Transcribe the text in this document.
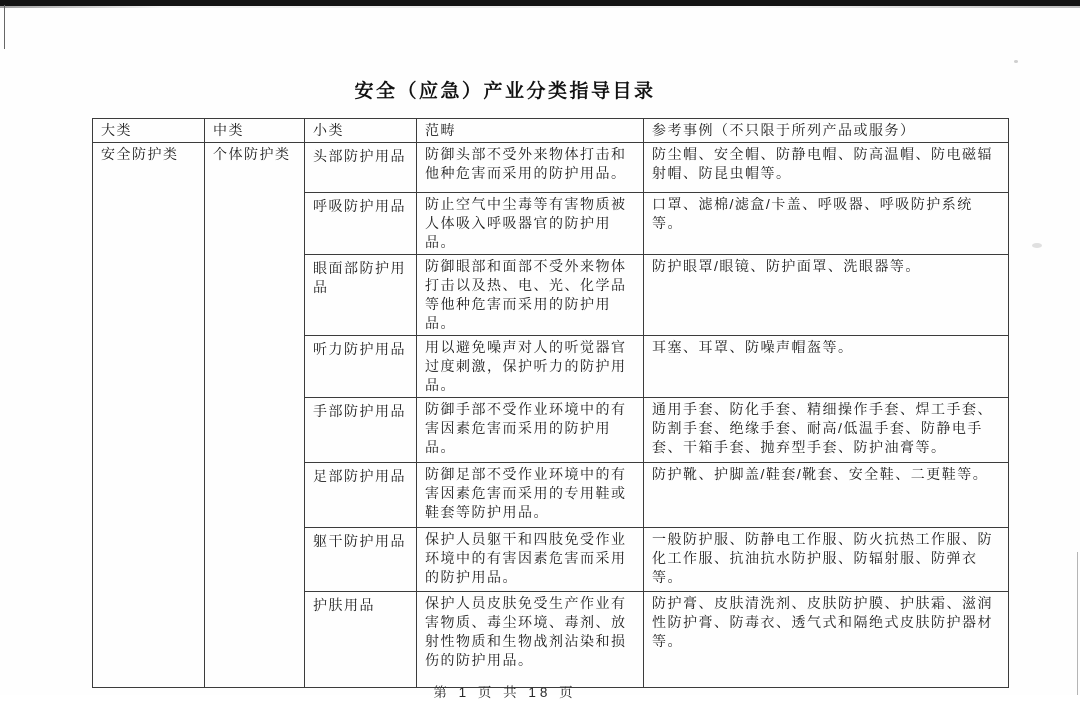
安全（应急）产业分类指导目录
大类	中类	小类	范畴	参考事例（不只限于所列产品或服务）
安全防护类	个体防护类	头部防护用品	防御头部不受外来物体打击和他种危害而采用的防护用品。	防尘帽、安全帽、防静电帽、防高温帽、防电磁辐射帽、防昆虫帽等。
		呼吸防护用品	防止空气中尘毒等有害物质被人体吸入呼吸器官的防护用品。	口罩、滤棉/滤盒/卡盖、呼吸器、呼吸防护系统等。
		眼面部防护用品	防御眼部和面部不受外来物体打击以及热、电、光、化学品等他种危害而采用的防护用品。	防护眼罩/眼镜、防护面罩、洗眼器等。
		听力防护用品	用以避免噪声对人的听觉器官过度刺激，保护听力的防护用品。	耳塞、耳罩、防噪声帽盔等。
		手部防护用品	防御手部不受作业环境中的有害因素危害而采用的防护用品。	通用手套、防化手套、精细操作手套、焊工手套、防割手套、绝缘手套、耐高/低温手套、防静电手套、干箱手套、抛弃型手套、防护油膏等。
		足部防护用品	防御足部不受作业环境中的有害因素危害而采用的专用鞋或鞋套等防护用品。	防护靴、护脚盖/鞋套/靴套、安全鞋、二更鞋等。
		躯干防护用品	保护人员躯干和四肢免受作业环境中的有害因素危害而采用的防护用品。	一般防护服、防静电工作服、防火抗热工作服、防化工作服、抗油抗水防护服、防辐射服、防弹衣等。
		护肤用品	保护人员皮肤免受生产作业有害物质、毒尘环境、毒剂、放射性物质和生物战剂沾染和损伤的防护用品。	防护膏、皮肤清洗剂、皮肤防护膜、护肤霜、滋润性防护膏、防毒衣、透气式和隔绝式皮肤防护器材等。
第 1 页 共 18 页
